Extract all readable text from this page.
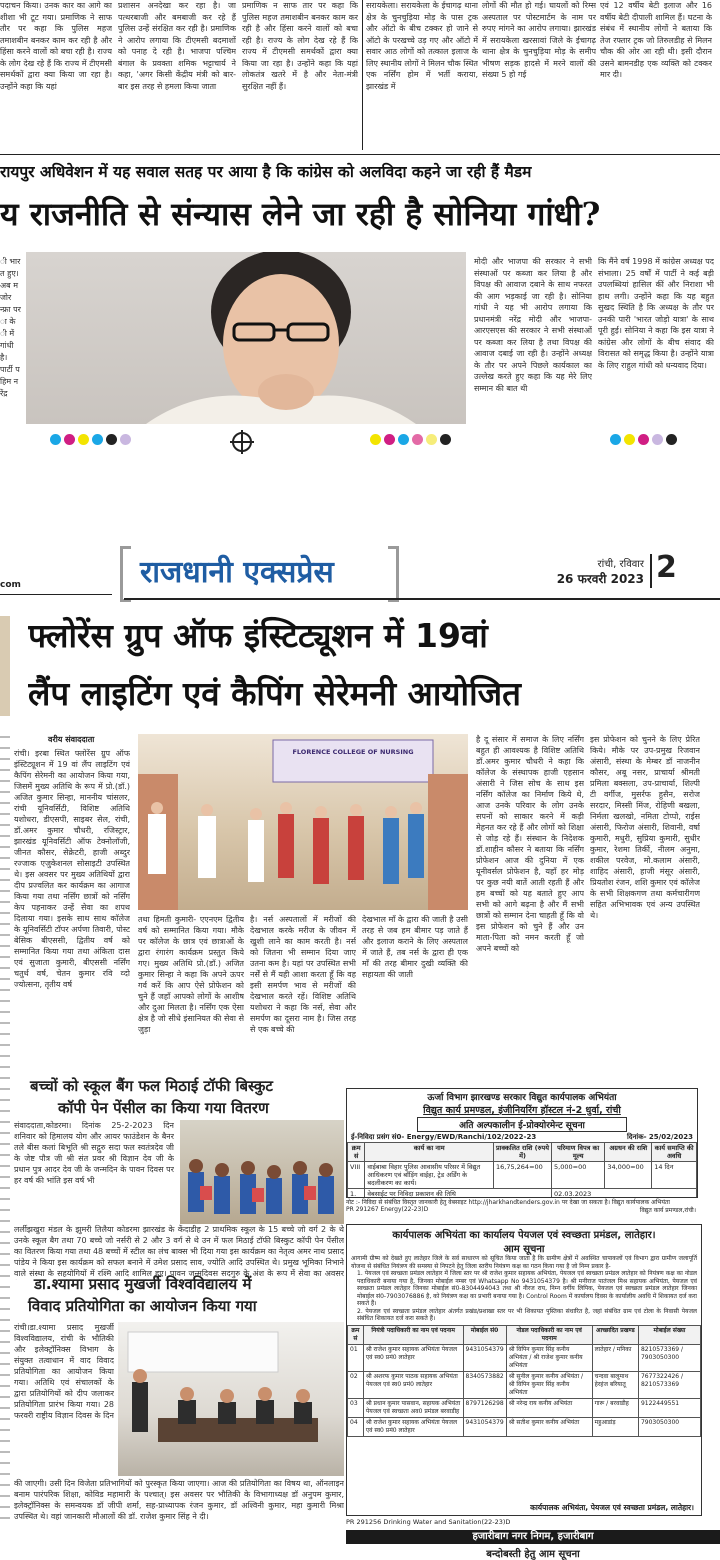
पदाचन किया। उनक कार का आगे का शीशा भी टूट गया। प्रमाणिक ने साफ तौर पर कहा कि पुलिस महज तमाशबीन बनकर काम कर रही है और हिंसा करने वालों को बचा रही है। राज्य के लोग देख रहे हैं कि राज्य में टीएमसी समर्थकों द्वारा क्या किया जा रहा है। उन्होंने कहा कि यहां
प्रशासन अनदेखा कर रहा है। जा पत्थरबाजी और बमबाजी कर रहे हैं पुलिस उन्हें संरक्षित कर रही है। प्रमाणिक ने आरोप लगाया कि टीएमसी बदमाशों को पनाह दे रही है। भाजपा पश्चिम बंगाल के प्रवक्ता शमिक भट्टाचार्य ने कहा, 'अगर किसी केंद्रीय मंत्री को बार-बार इस तरह से हमला किया जाता
प्रमाणिक न साफ तार पर कहा कि पुलिस महज तमाशबीन बनकर काम कर रही है और हिंसा करने वालों को बचा रही है। राज्य के लोग देख रहे हैं कि राज्य में टीएमसी समर्थकों द्वारा क्या किया जा रहा है। उन्होंने कहा कि यहां लोकतंत्र खतरे में है और नेता-मंत्री सुरक्षित नहीं हैं।
सरायकेला। सरायकेला के ईचागढ़ थाना क्षेत्र के चुनचुड़िया मोड़ के पास ट्रक और ऑटो के बीच टक्कर हो जाने से ऑटो के परखच्चे उड़ गए और ऑटो में सवार आठ लोगों को तत्काल इलाज के लिए स्थानीय लोगों ने मिलन चौक स्थित एक नर्सिंग होम में भर्ती कराया, झारखंड में
लोगों की मौत हो गई। घायलों को रिम्स अस्पताल पर पोस्टमार्टम के नाम पर रुपए मांगने का आरोप लगाया। झारखंड में सरायकेला खरसावां जिले के ईचागढ़ थाना क्षेत्र के चुनचुड़िया मोड़ के समीप भीषण सड़क हादसे में मरने वालों की संख्या 5 हो गई
एवं 12 वर्षीय बेटी इलाज और 16 वर्षीय बेटी दीपाली शामिल हैं। घटना के संबंध में स्थानीय लोगों ने बताया कि तेज रफ्तार ट्रक जो तिरुलडीह से मिलन चौक की ओर आ रही थी। इसी दौरान उसने बामनडीह एक व्यक्ति को टक्कर मार दी।
रायपुर अधिवेशन में यह सवाल सतह पर आया है कि कांग्रेस को अलविदा कहने जा रही हैं मैडम
य राजनीति से संन्यास लेने जा रही है सोनिया गांधी?
ी भारत हुए। अब मजोर न्फ्रा पर ा के ी में गांधी है। पार्टी पहिम नरेंद्र
मोदी और भाजपा की सरकार ने सभी संस्थाओं पर कब्जा कर लिया है और विपक्ष की आवाज दबाने के साथ नफरत की आग भड़काई जा रही है। सोनिया गांधी ने यह भी आरोप लगाया कि प्रधानमंत्री नरेंद्र मोदी और भाजपा-आरएसएस की सरकार ने सभी संस्थाओं पर कब्जा कर लिया है तथा विपक्ष की आवाज दबाई जा रही है। उन्होंने अध्यक्ष के तौर पर अपने पिछले कार्यकाल का उल्लेख करते हुए कहा कि यह मेरे लिए सम्मान की बात थी
कि मैंने वर्ष 1998 में कांग्रेस अध्यक्ष पद संभाला। 25 वर्षों में पार्टी ने कई बड़ी उपलब्धियां हासिल कीं और निराशा भी हाथ लगी। उन्होंने कहा कि यह बहुत सुखद स्थिति है कि अध्यक्ष के तौर पर उनकी पारी 'भारत जोड़ो यात्रा' के साथ पूरी हुई। सोनिया ने कहा कि इस यात्रा ने कांग्रेस और लोगों के बीच संवाद की विरासत को समृद्ध किया है। उन्होंने यात्रा के लिए राहुल गांधी को धन्यवाद दिया।
com	राजधानी एक्सप्रेस	रांची, रविवार
26 फरवरी 2023 2
फ्लोरेंस ग्रुप ऑफ इंस्टिट्यूशन में 19वां
लैंप लाइटिंग एवं कैपिंग सेरेमनी आयोजित
वरीय संवाददाता
रांची। इरबा स्थित फ्लोरेंस ग्रुप ऑफ इंस्टिट्यूशन में 19 वां लैंप लाइटिंग एवं कैपिंग सेरेमनी का आयोजन किया गया, जिसमें मुख्य अतिथि के रूप में प्रो.(डॉ.) अजित कुमार सिन्हा, माननीय चांसलर, रांची यूनिवर्सिटी, विशिष्ट अतिथि यशोधरा, डीएसपी, साइबर सेल, रांची, डॉ.अमर कुमार चौधरी, रजिस्ट्रार, झारखंड यूनिवर्सिटी ऑफ टेक्नोलॉजी, जीनत कौसर, सेक्रेटरी, हाजी अब्दुर रज्जाक एजुकेशनल सोसाइटी उपस्थित थे। इस अवसर पर मुख्य अतिथियों द्वारा दीप प्रज्वलित कर कार्यक्रम का आगाज किया गया तथा नर्सिंग छात्रों को नर्सिंग केप पहनाकर उन्हें सेवा का शपथ दिलाया गया। इसके साथ साथ कॉलेज के यूनिवर्सिटी टॉपर अर्पणा तिवारी, पोस्ट बेसिक बीएससी, द्वितीय वर्ष को सम्मानित किया गया तथा अंकिता दास एवं सुजाता कुमारी, बीएससी नर्सिंग चतुर्थ वर्ष, चेतन कुमार रवि व्दो ज्योत्सना, तृतीय वर्ष
FLORENCE COLLEGE OF NURSING
तथा हिमती कुमारी- एएनएम द्वितीय वर्ष को सम्मानित किया गया। मौके पर कॉलेज के छात्र एवं छात्राओं के द्वारा रंगारंग कार्यक्रम प्रस्तुत किये गए। मुख्य अतिथि प्रो.(डॉ.) अजित कुमार सिन्हा ने कहा कि अपने ऊपर गर्व करें कि आप ऐसे प्रोफेशन को चुने हैं जहाँ आपको लोगों के आशीष और दुआ मिलता है। नर्सिंग एक ऐसा क्षेत्र है जो सीधे इंसानियत की सेवा से जुड़ा
है। नर्स अस्पतालों में मरीजों की देखभाल करके मरीज के जीवन में खुशी लाने का काम करती है। नर्स को जितना भी सम्मान दिया जाए उतना कम है। यहां पर उपस्थित सभी नर्सें से मैं यही आशा करता हूँ कि वह इसी समर्पण भाव से मरीजों की देखभाल करते रहें। विशिष्ट अतिथि यशोधरा ने कहा कि नर्स, सेवा और समर्पण का दूसरा नाम है। जिस तरह से एक बच्चे की
देखभाल माँ के द्वारा की जाती है उसी तरह से जब हम बीमार पड़ जाते हैं और इलाज कराने के लिए अस्पताल में जाते हैं, तब नर्स के द्वारा ही एक माँ की तरह बीमार दुखी व्यक्ति की सहायता की जाती
है दू संसार में समाज के लिए नर्सिंग बहुत ही आवश्यक है विशिष्ट अतिथि डॉ.अमर कुमार चौधरी ने कहा कि कॉलेज के संस्थापक हाजी एहसान अंसारी ने जिस सोच के साथ इस नर्सिंग कॉलेज का निर्माण किये थे, आज उनके परिवार के लोग उनके सपनों को साकार करने में कड़ी मेहनत कर रहे हैं और लोगों को शिक्षा से जोड़ रहे हैं। संस्थान के निदेशक डॉ.शाहीन कौसर ने बताया कि नर्सिंग प्रोफेशन आज की दुनिया में एक यूनीवर्सल प्रोफेशन है, यहाँ हर मोड़ पर कुछ नयी बातें आती रहती हैं और हम बच्चों को यह बताते हुए आप सभी को आगे बढ़ना है और मैं सभी छात्रों को सम्मान देना चाहती हूँ कि वो इस प्रोफेशन को चुने हैं और उन माता-पिता को नमन करती हूँ जो अपने बच्चों को
इस प्रोफेशन को चुनने के लिए प्रेरित किये। मौके पर उप-प्रमुख रिजवान अंसारी, संस्था के मेम्बर डॉ नाजनीन कौसर, अबू नसर, प्राचार्या श्रीमती प्रमिला बक्सला, उप-प्राचार्या, शिल्पी टी वर्गीज, मुसर्रफ हुसैन, सरोज सरदार, मिस्सी मिंज, रोहिणी बखला, निर्मला खलखो, नमिता टोप्पो, राईस अंसारी, फिरोज अंसारी, शिवानी, वर्षा कुमारी, मधुरी, सुप्रिया कुमारी, सुधीर कुमार, रेशमा तिर्की, नीलम अनुमा, शकील परवेज, मो.कलाम अंसारी, शाहिद अंसारी, हाजी मंसूर अंसारी, प्रियतोश रंजन, शशि कुमार एवं कॉलेज के सभी शिक्षकगण तथा कर्मचारीगण सहित अभिभावक एवं अन्य उपस्थित थे।
ऊर्जा विभाग झारखण्ड सरकार विद्युत कार्यपालक अभियंता
विद्युत कार्य प्रमण्डल, इंजीनियरिंग हॉस्टल नं-2 धुर्वा, रांची
अति अल्पकालीन ई-प्रोक्योरमेन्ट सूचना
ई-निविदा प्रसंग सं0- Energy/EWD/Ranchi/102/2022-23	दिनांक- 25/02/2023
क्रम सं	कार्य का नाम	प्राक्कलित राशि (रुपये में)	परिमाण विपत्र का मूल्य	अग्रधन की राशि	कार्य समाप्ति की अवधि
VIII	वाईबाबा विहार पुलिस आवासीय परिसर में विद्युत आधिकरण एवं बाँड़िंग वाईहा, ट्रेड अर्डिंग के बदलीकरण का कार्य।	16,75,264=00	5,000=00	34,000=00	14 दिन
1.	वेबसाईट पर निविदा प्रकाशन की तिथि		02.03.2023		

नोट :- निविदा से संबंधित विस्तृत जानकारी हेतु वेबसाइट http://jharkhandtenders.gov.in पर देखा जा सकता है। विद्युत कार्यपालक अभियंता
PR 291267 Energy(22-23)D	विद्युत कार्य प्रमण्डल,रांची।
बच्चों को स्कूल बैंग फल मिठाई टॉफी बिस्कुट
कॉपी पेन पेंसील का किया गया वितरण
संवाददाता,कोडरमा। दिनांक 25-2-2023 दिन शनिवार को हिमालय योग और आयर फाउंडेशन के बैनर तले बीस कलां बिभूति श्री सद्गुरु सदा फल स्वतंत्रदेव जी के जेष्ट पौत्र जी श्री संत प्रवर श्री विज्ञान देव जी के प्रधान पुत्र आदर देव जी के जन्मदिन के पावन दिवस पर हर वर्ष की भांति इस वर्ष भी
लर्लीझखुरा मंडल के झुमरी तिलैया कोडरमा झारखंड के केंदाडीह 2 प्राथमिक स्कूल के 15 बच्चे जो वर्ग 2 के थे उनके स्कूल बैग तथा 70 बच्चे जो नर्सरी से 2 और 3 वर्ग से थे उन में फल मिठाई टॉफी बिस्कुट कॉपी पेन पेंसील का वितरण किया गया तथा 48 बच्चों में स्टील का लंच बाक्स भी दिया गया इस कार्यक्रम का नेतृत्व अमर नाथ प्रसाद पांडेय ने किया इस कार्यक्रम को सफल बनाने में उमेश प्रसाद साव, ज्योति आदि उपस्थित थे। प्रमुख भूमिका निभाने वाले संस्था के सहयोगियों में रश्मि आदि शामिल हुए। पावन जन्मदिवस सदगुरु के अंश के रूप में सेवा का अवसर
कार्यपालक अभियंता का कार्यालय पेयजल एवं स्वच्छता प्रमंडल, लातेहार।
आम सूचना
आगामी ग्रीष्म को देखते हुए लातेहार जिले के सर्व साधारण को सूचित किया जाता है कि ग्रामीण क्षेत्रों में अवस्थित चापाकलों एवं विभाग द्वारा ग्रामीण जलापूर्ति योजना से संबंधित नियंत्रण की समस्या से निपटने हेतु जिला स्तरीय नियंत्रण कक्ष का गठन किया गया है जो निम्न प्रकार है-
1. पेयजल एवं स्वच्छता प्रमंडल लातेहार में जिला स्तर पर श्री राजेश कुमार सहायक अभियंता, पेयजल एवं स्वच्छता प्रमंडल लातेहार को नियंत्रण कक्ष का नोडल पदाधिकारी बनाया गया है, जिनका मोबाईल नम्बर एवं Whatsapp No 9431054379 है। श्री मनीराज पातंजल मिश्र सहायक अभियंता, पेयजल एवं स्वच्छता प्रमंडल लातेहार जिनका मोबाईल सं0-8304494043 तथा श्री नीरज राय, निम्न वर्गीय लिपिक, पेयजल एवं स्वच्छता प्रमंडल लातेहार जिनका मोबाईल सं0-7903076886 है, को नियंत्रण कक्ष का प्रभारी बनाया गया है। Control Room में कार्यालय दिवस के कार्यालीय अवधि में शिकायत दर्ज करा सकते हैं।
2. पेयजल एवं स्वच्छता प्रमंडल लातेहार अंतर्गत प्रखंड/प्रशाखा स्तर पर भी शिकायत पुस्तिका संधारित है, जहां संबंधित ग्राम एवं टोला के निवासी पेयजल संबंधित शिकायत दर्ज करा सकते हैं।
क्रम सं	नियंत्री पदाधिकारी का नाम एवं पदनाम	मोबाईल सं0	नोडल पदाधिकारी का नाम एवं पदनाम	आच्छादित प्रखण्ड	मोबाईल संख्या
01	श्री राजेश कुमार सहायक अभियंता पेयजल एवं स्व0 प्रमं0 लातेहार	9431054379	श्री विपिन कुमार सिंह कनीय अभियंता / श्री राजेश कुमार कनीय अभियंता	लातेहार / मनिका	8210573369 / 7903050300
02	श्री अशरफ कुमार पाठक सहायक अभियंता पेयजल एवं स्व0 प्रमं0 लातेहार	8340573882	श्री सुनील कुमार कनीय अभियंता / श्री विपिन कुमार सिंह कनीय अभियंता	चन्दवा बालूमाथ हेरहंज बरियातू	7677322426 / 8210573369
03	श्री प्रधान कुमार पासवान, सहायक अभियंता पेयजल एवं स्वच्छता अव0 प्रमंडल बरवाडीह	8797126298	श्री नरेन्द्र राय कनीय अभियंता	गारू / बरवाडीह	9122449551
04	श्री राजेश कुमार सहायक अभियंता पेयजल एवं स्व0 प्रमं0 लातेहार	9431054379	श्री सतीश कुमार कनीय अभियंता	महुआडांड़	7903050300
कार्यपालक अभियंता, पेयजल एवं स्वच्छता प्रमंडल, लातेहार।
PR 291256 Drinking Water and Sanitation(22-23)D
डा.श्यामा प्रसाद मुखर्जी विश्वविद्यालय में
विवाद प्रतियोगिता का आयोजन किया गया
रांची।डा.श्यामा प्रसाद मुखर्जी विश्वविद्यालय, रांची के भौतिकी और इलेक्ट्रॉनिक्स विभाग के संयुक्त तत्वाधान में वाद विवाद प्रतियोगिता का आयोजन किया गया। अतिथि एवं संचालकों के द्वारा प्रतियोगियों को दीप जलाकर प्रतियोगिता प्रारंभ किया गया। 28 फरवरी राष्ट्रीय विज्ञान दिवस के दिन
की जाएगी। उसी दिन विजेता प्रतिभागियों को पुरस्कृत किया जाएगा। आज की प्रतियोगिता का विषय था, ऑनलाइन बनाम पारंपरिक शिक्षा, कोविड महामारी के पश्चात्। इस अवसर पर भौतिकी के विभागाध्यक्ष डॉ अनुपम कुमार, इलेक्ट्रॉनिक्स के समन्वयक डॉ जीपी शर्मा, सह-प्राध्यापक रंजन कुमार, डॉ अश्विनी कुमार, महा कुमारी मिश्रा उपस्थित थे। वहां जानकारी मौआलों की डॉ. राजेश कुमार सिंह ने दी।
हजारीबाग नगर निगम, हजारीबाग
बन्दोबस्ती हेतु आम सूचना
